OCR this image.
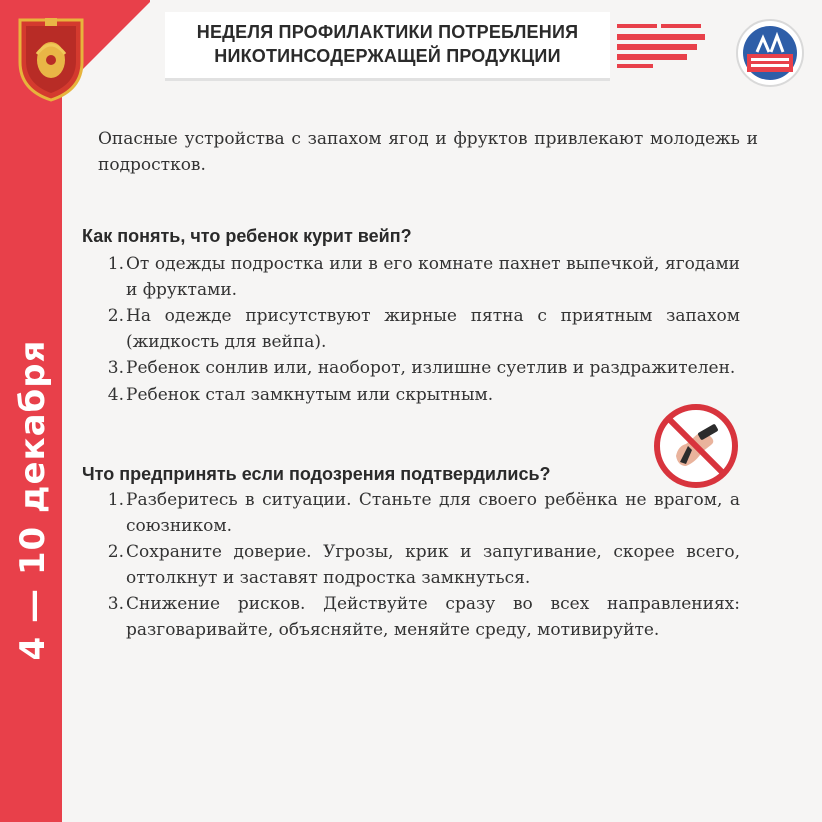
НЕДЕЛЯ ПРОФИЛАКТИКИ ПОТРЕБЛЕНИЯ
НИКОТИНСОДЕРЖАЩЕЙ ПРОДУКЦИИ
4 — 10 декабря
Опасные устройства с запахом ягод и фруктов привлекают молодежь и подростков.
Как понять, что ребенок курит вейп?
1. От одежды подростка или в его комнате пахнет выпечкой, ягодами и фруктами.
2. На одежде присутствуют жирные пятна с приятным запахом (жидкость для вейпа).
3. Ребенок сонлив или, наоборот, излишне суетлив и раздражителен.
4. Ребенок стал замкнутым или скрытным.
Что предпринять если подозрения подтвердились?
1. Разберитесь в ситуации. Станьте для своего ребёнка не врагом, а союзником.
2. Сохраните доверие. Угрозы, крик и запугивание, скорее всего, оттолкнут и заставят подростка замкнуться.
3. Снижение рисков. Действуйте сразу во всех направлениях: разговаривайте, объясняйте, меняйте среду, мотивируйте.
